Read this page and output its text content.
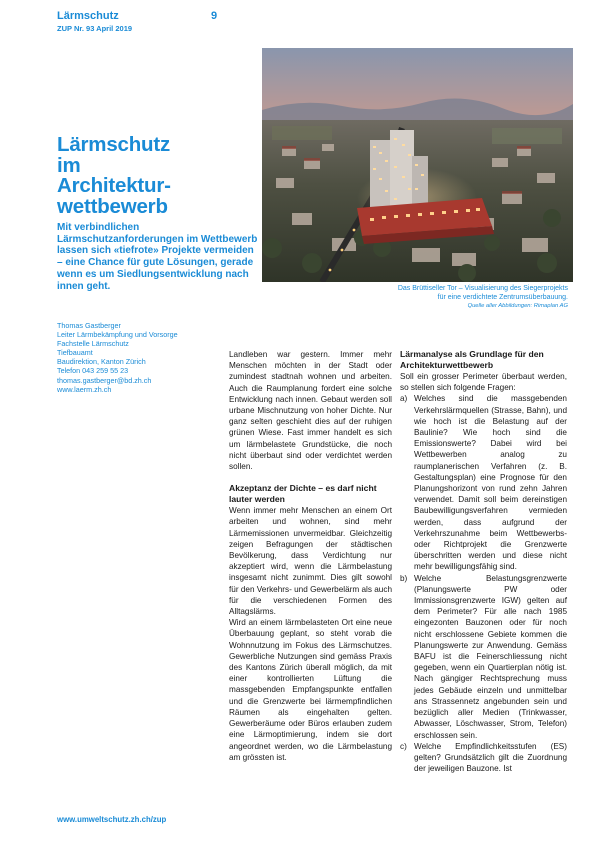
Lärmschutz
ZUP Nr. 93 April 2019
9
Das Brüttiseller Tor – Visualisierung des Siegerprojekts
für eine verdichtete Zentrumsüberbauung.
Quelle aller Abbildungen: Rimaplan AG
Lärmschutz
im
Architektur-
wettbewerb
Mit verbindlichen Lärmschutzanforderungen im Wettbewerb lassen sich «tiefrote» Projekte vermeiden – eine Chance für gute Lösungen, gerade wenn es um Siedlungsentwicklung nach innen geht.
Thomas Gastberger
Leiter Lärmbekämpfung und Vorsorge
Fachstelle Lärmschutz
Tiefbauamt
Baudirektion, Kanton Zürich
Telefon 043 259 55 23
thomas.gastberger@bd.zh.ch
www.laerm.zh.ch

Landleben war gestern. Immer mehr Menschen möchten in der Stadt oder zumindest stadtnah wohnen und arbeiten. Auch die Raumplanung fordert eine solche Entwicklung nach innen. Gebaut werden soll urbane Mischnutzung von hoher Dichte. Nur ganz selten geschieht dies auf der ruhigen grünen Wiese. Fast immer handelt es sich um lärmbelastete Grundstücke, die noch nicht überbaut sind oder verdichtet werden sollen.

Akzeptanz der Dichte – es darf nicht lauter werden

Wenn immer mehr Menschen an einem Ort arbeiten und wohnen, sind mehr Lärmemissionen unvermeidbar. Gleichzeitig zeigen Befragungen der städtischen Bevölkerung, dass Verdichtung nur akzeptiert wird, wenn die Lärmbelastung insgesamt nicht zunimmt. Dies gilt sowohl für den Verkehrs- und Gewerbelärm als auch für die verschiedenen Formen des Alltagslärms.

Wird an einem lärmbelasteten Ort eine neue Überbauung geplant, so steht vorab die Wohnnutzung im Fokus des Lärmschutzes. Gewerbliche Nutzungen sind gemäss Praxis des Kantons Zürich überall möglich, da mit einer kontrollierten Lüftung die massgebenden Empfangspunkte entfallen und die Grenzwerte bei lärmempfindlichen Räumen als eingehalten gelten. Gewerberäume oder Büros erlauben zudem eine Lärmoptimierung, indem sie dort angeordnet werden, wo die Lärmbelastung am grössten ist.

Lärmanalyse als Grundlage für den Architekturwettbewerb

Soll ein grosser Perimeter überbaut werden, so stellen sich folgende Fragen:

a) Welches sind die massgebenden Verkehrslärmquellen (Strasse, Bahn), und wie hoch ist die Belastung auf der Baulinie? Wie hoch sind die Emissionswerte? Dabei wird bei Wettbewerben analog zu raumplanerischen Verfahren (z. B. Gestaltungsplan) eine Prognose für den Planungshorizont von rund zehn Jahren verwendet. Damit soll beim dereinstigen Baubewilligungsverfahren vermieden werden, dass aufgrund der Verkehrszunahme beim Wettbewerbs- oder Richtprojekt die Grenzwerte überschritten werden und diese nicht mehr bewilligungsfähig sind.
b) Welche Belastungsgrenzwerte (Planungswerte PW oder Immissionsgrenzwerte IGW) gelten auf dem Perimeter? Für alle nach 1985 eingezonten Bauzonen oder für noch nicht erschlossene Gebiete kommen die Planungswerte zur Anwendung. Gemäss BAFU ist die Feinerschliessung nicht gegeben, wenn ein Quartierplan nötig ist. Nach gängiger Rechtsprechung muss jedes Gebäude einzeln und unmittelbar ans Strassennetz angebunden sein und bezüglich aller Medien (Trinkwasser, Abwasser, Löschwasser, Strom, Telefon) erschlossen sein.
c) Welche Empfindlichkeitsstufen (ES) gelten? Grundsätzlich gilt die Zuordnung der jeweiligen Bauzone. Ist
www.umweltschutz.zh.ch/zup
